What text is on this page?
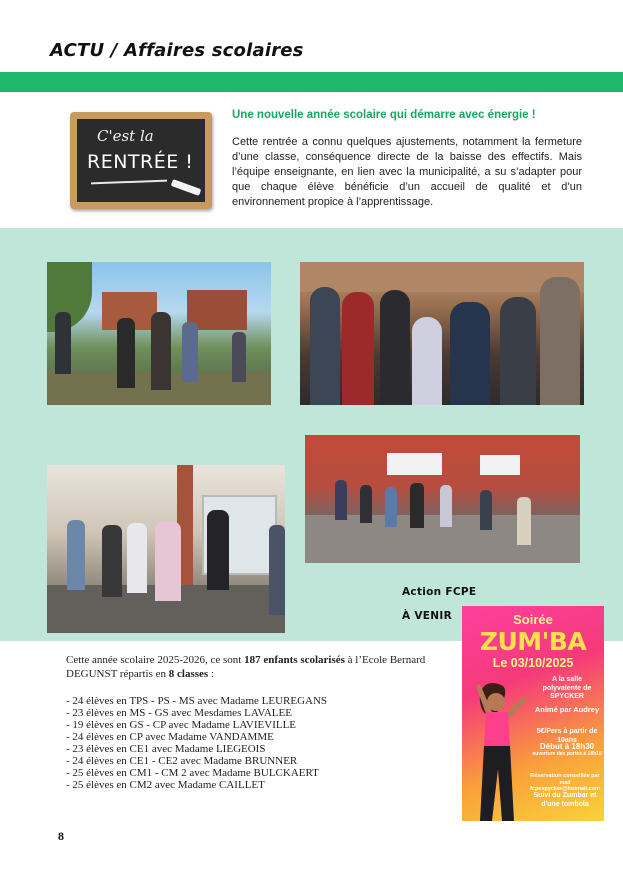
ACTU / Affaires scolaires
C'est la
RENTRÉE !
Une nouvelle année scolaire qui démarre avec énergie !

Cette rentrée a connu quelques ajustements, notamment la fermeture d’une classe, conséquence directe de la baisse des effectifs. Mais l’équipe enseignante, en lien avec la municipalité, a su s’adapter pour que chaque élève bénéficie d’un accueil de qualité et d’un environnement propice à l’apprentissage.

Action FCPE
À VENIR	Soirée
ZUM'BA
Le 03/10/2025
A la salle polyvalente de SPYCKER
Animé par Audrey
5€/Pers à partir de 10ans
Début à 18h30
ouverture des portes à 18h10
Réservation conseillée par mail fcpespycker@hotmail.com
Suivi du Zumbar et d'une tombola

Cette année scolaire 2025-2026, ce sont 187 enfants scolarisés à l’Ecole Bernard DEGUNST répartis en 8 classes :

- 24 élèves en TPS - PS - MS avec Madame LEUREGANS
- 23 élèves en MS - GS avec Mesdames LAVALEE
- 19 élèves en GS - CP avec Madame LAVIEVILLE
- 24 élèves en CP avec Madame VANDAMME
- 23 élèves en CE1 avec Madame LIEGEOIS
- 24 élèves en CE1 - CE2 avec Madame BRUNNER
- 25 élèves en CM1 - CM 2 avec Madame BULCKAERT
- 25 élèves en CM2 avec Madame CAILLET
8
